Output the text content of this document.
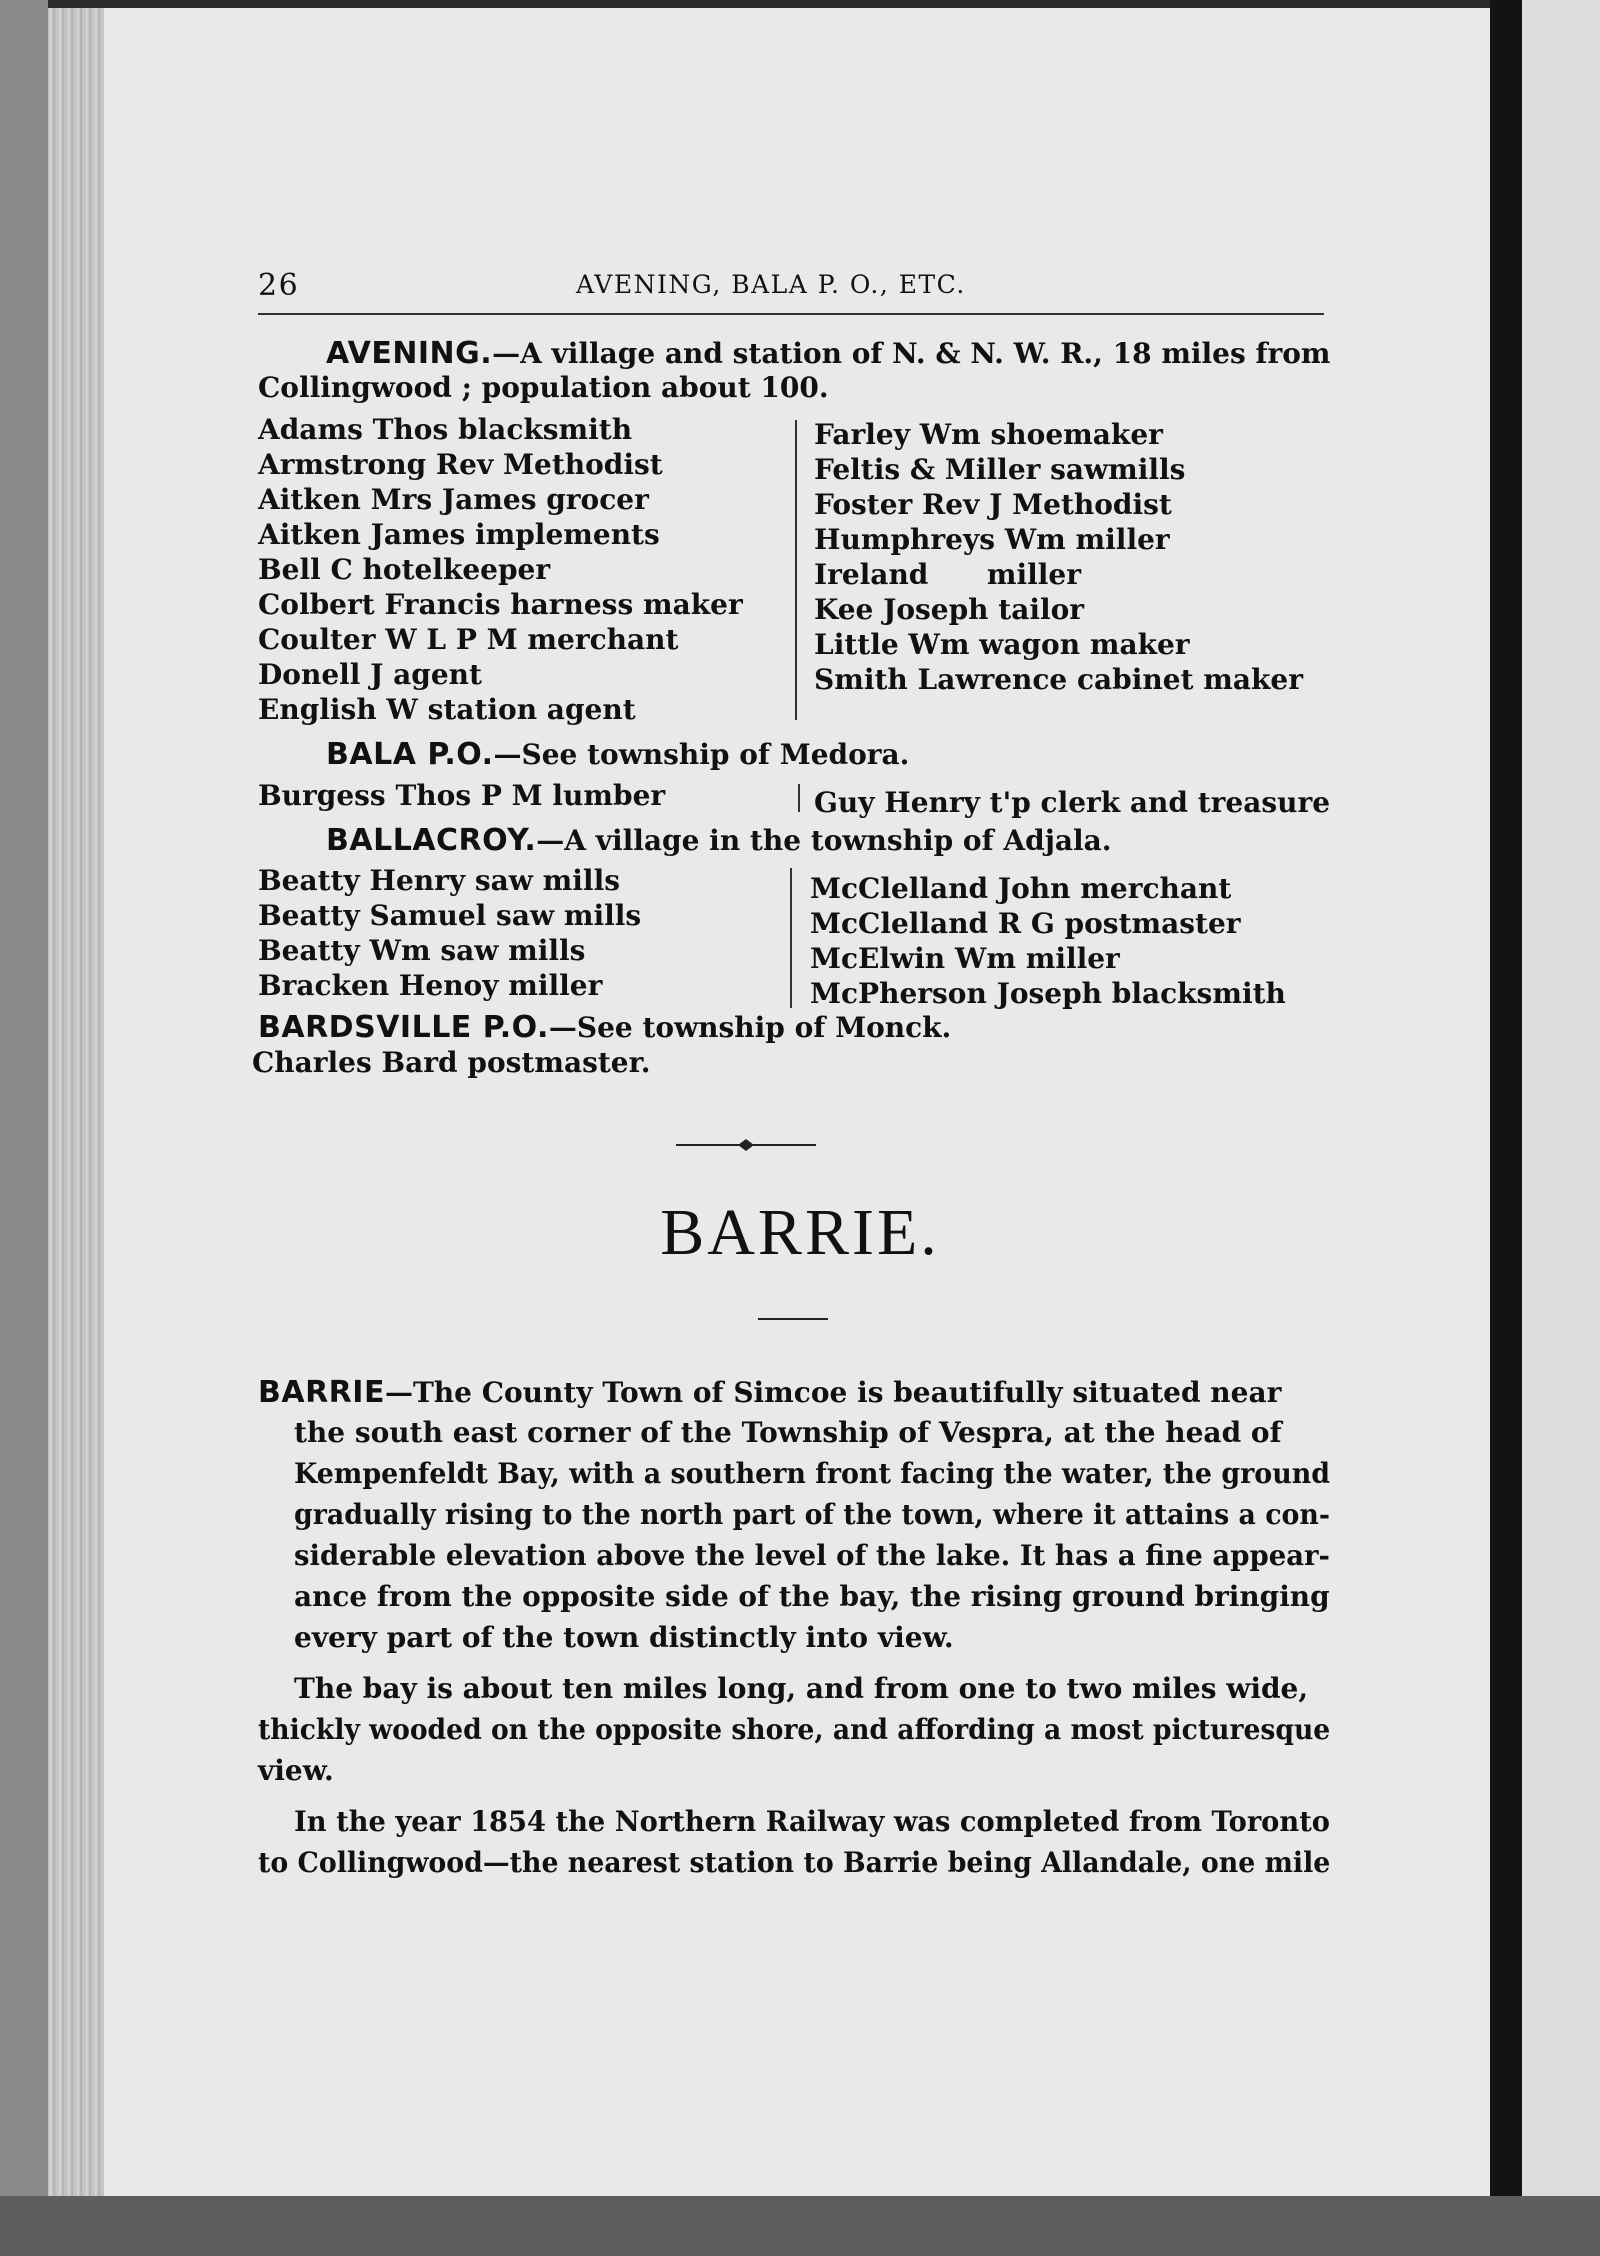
26	AVENING, BALA P. O., ETC.
AVENING.—A village and station of N. & N. W. R., 18 miles from
Collingwood ; population about 100.
Adams Thos blacksmith
Armstrong Rev Methodist
Aitken Mrs James grocer
Aitken James implements
Bell C hotelkeeper
Colbert Francis harness maker
Coulter W L P M merchant
Donell J agent
English W station agent
Farley Wm shoemaker
Feltis & Miller sawmills
Foster Rev J Methodist
Humphreys Wm miller
Ireland      miller
Kee Joseph tailor
Little Wm wagon maker
Smith Lawrence cabinet maker
BALA P.O.—See township of Medora.
Burgess Thos P M lumber	Guy Henry t'p clerk and treasure
BALLACROY.—A village in the township of Adjala.
Beatty Henry saw mills
Beatty Samuel saw mills
Beatty Wm saw mills
Bracken Henoy miller
McClelland John merchant
McClelland R G postmaster
McElwin Wm miller
McPherson Joseph blacksmith
BARDSVILLE P.O.—See township of Monck.
Charles Bard postmaster.
BARRIE.
BARRIE—The County Town of Simcoe is beautifully situated near
the south east corner of the Township of Vespra, at the head of
Kempenfeldt Bay, with a southern front facing the water, the ground
gradually rising to the north part of the town, where it attains a con-
siderable elevation above the level of the lake. It has a fine appear-
ance from the opposite side of the bay, the rising ground bringing
every part of the town distinctly into view.
The bay is about ten miles long, and from one to two miles wide,
thickly wooded on the opposite shore, and affording a most picturesque
view.
In the year 1854 the Northern Railway was completed from Toronto
to Collingwood—the nearest station to Barrie being Allandale, one mile
